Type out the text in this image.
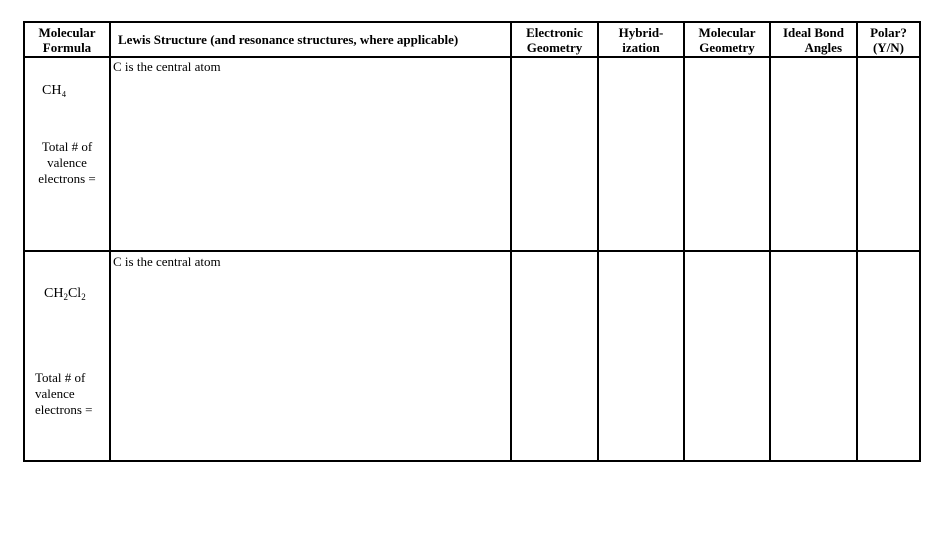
Molecular
Formula	Lewis Structure (and resonance structures, where applicable)	Electronic
Geometry	Hybrid-
ization	Molecular
Geometry	Ideal Bond
Angles	Polar?
(Y/N)

CH₄
Total # of
valence
electrons =	C is the central atom					

$CH_2Cl_2$
Total # of
valence
electrons =	C is the central atom					
